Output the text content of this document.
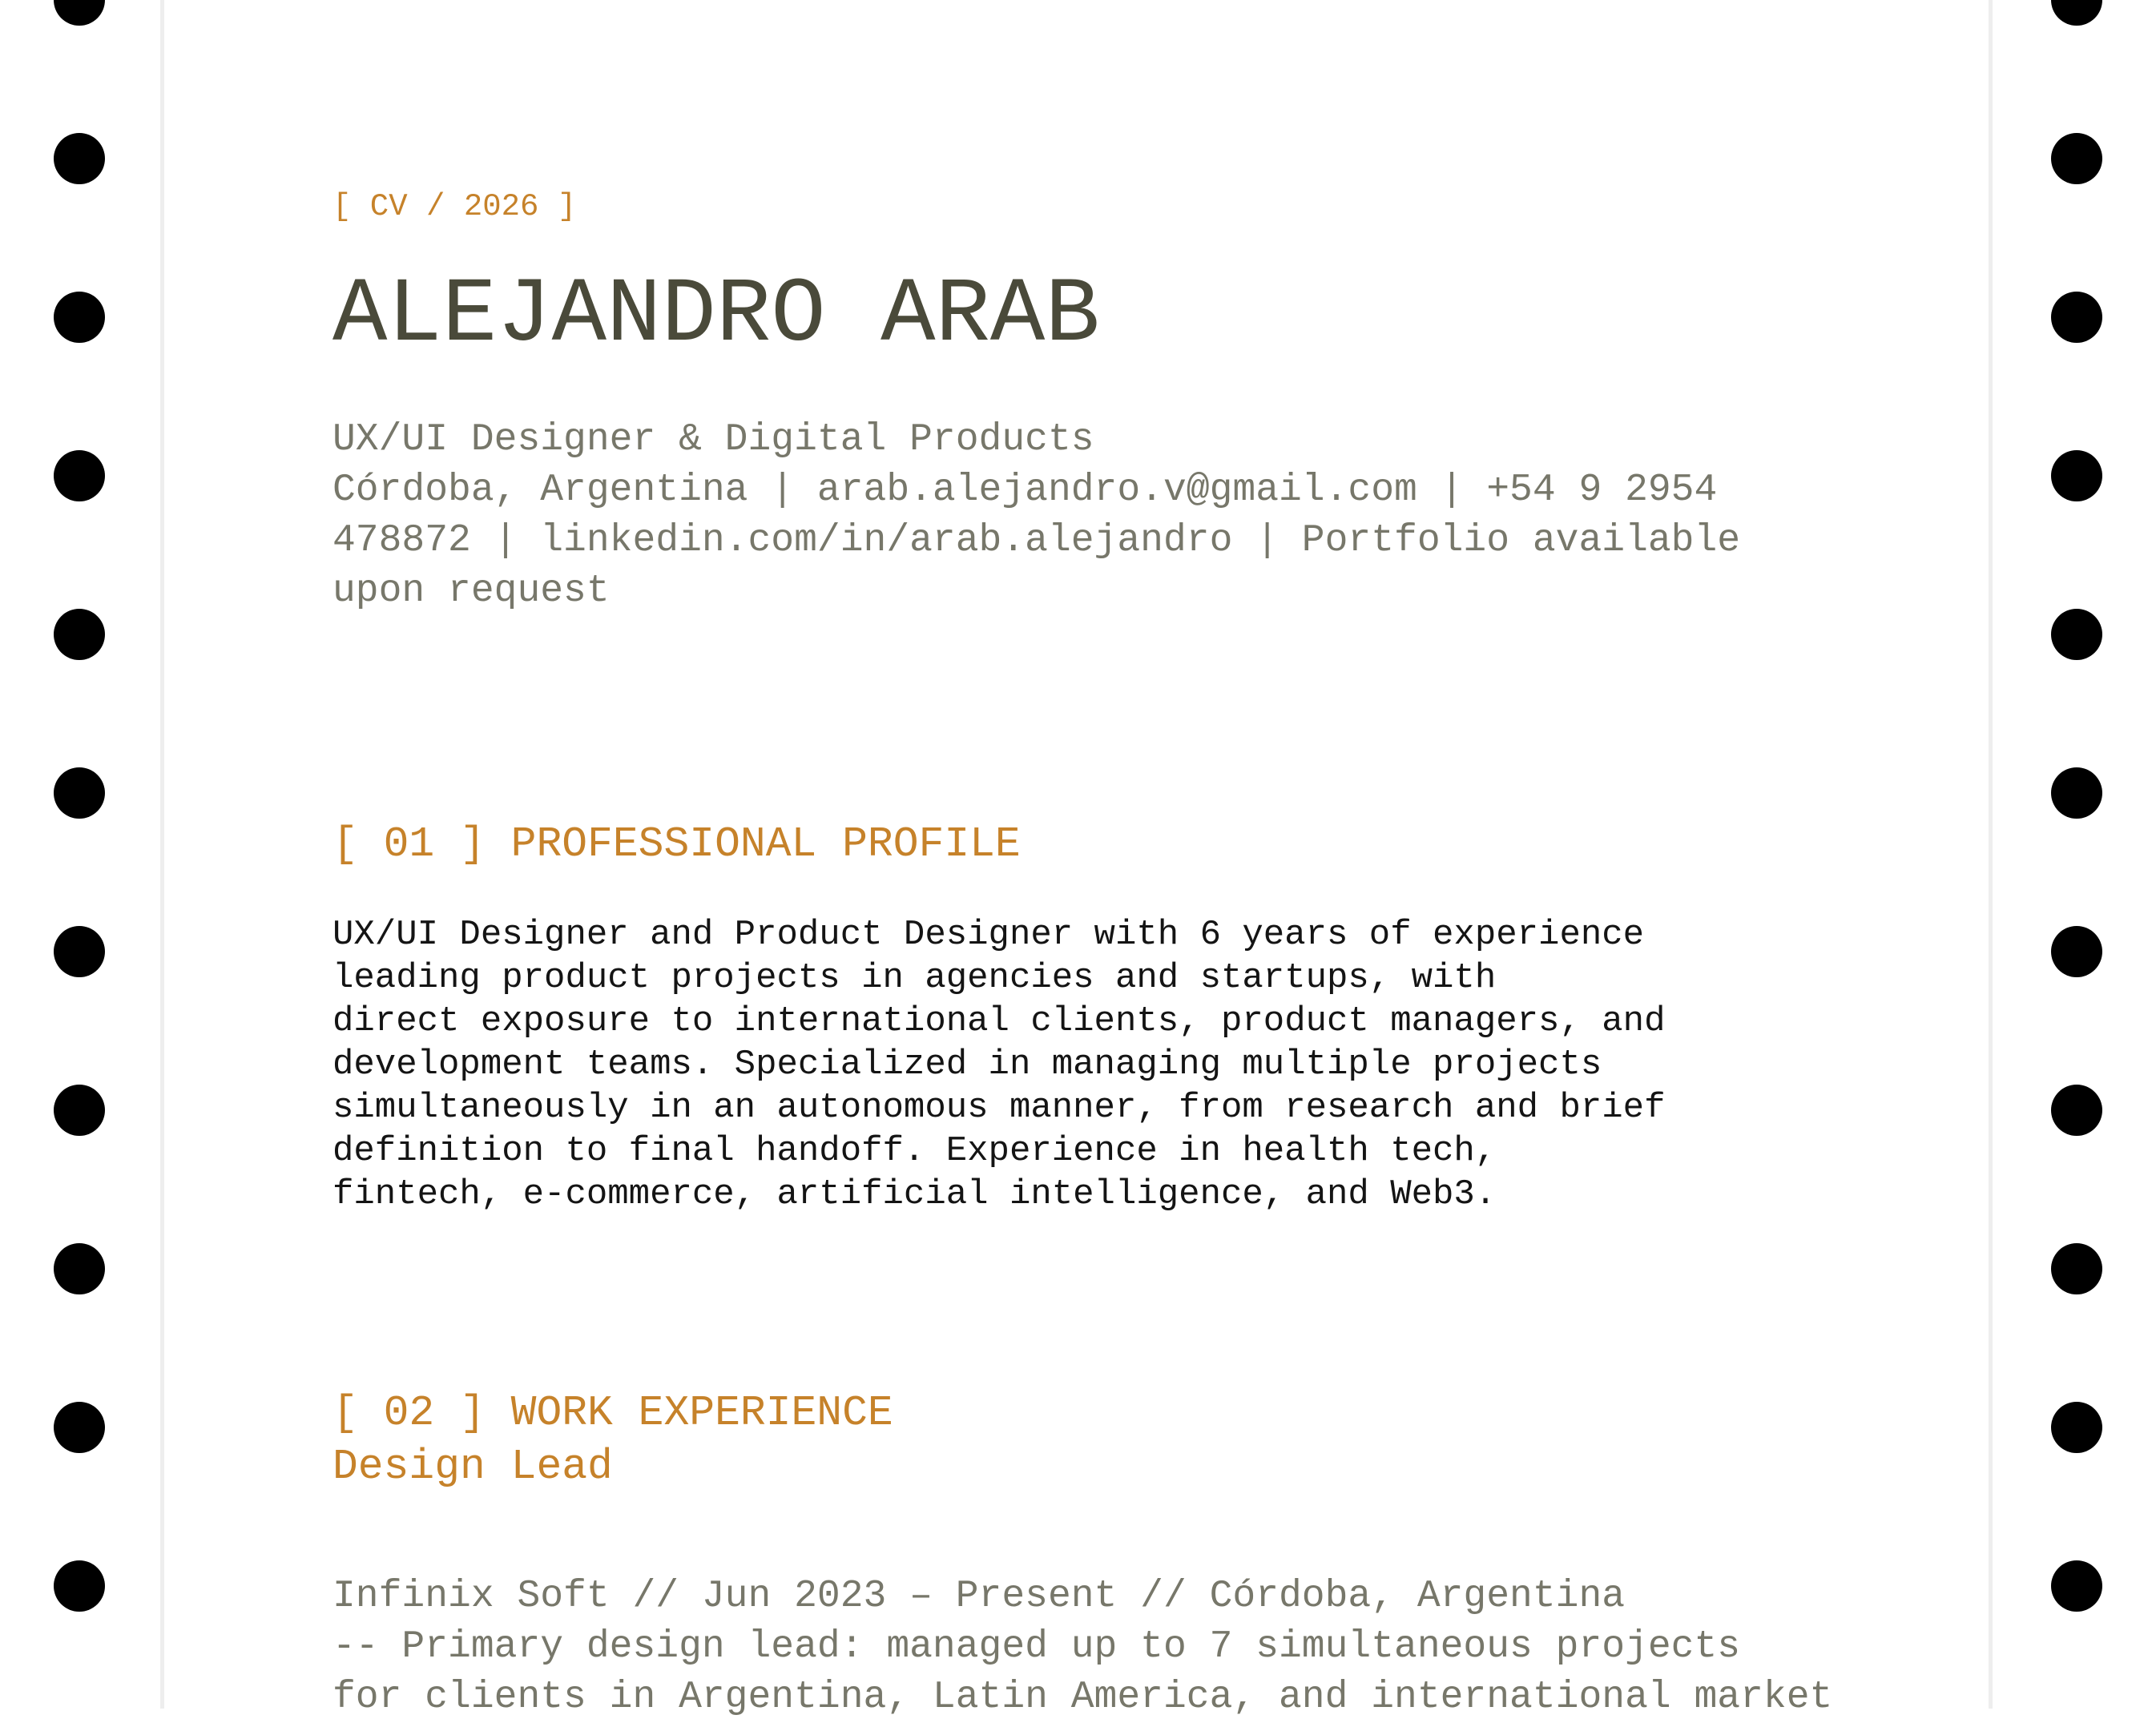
[ CV / 2026 ]
ALEJANDRO ARAB
UX/UI Designer & Digital Products
Córdoba, Argentina | arab.alejandro.v@gmail.com | +54 9 2954 478872 | linkedin.com/in/arab.alejandro | Portfolio available upon request
[ 01 ] PROFESSIONAL PROFILE
UX/UI Designer and Product Designer with 6 years of experience
leading product projects in agencies and startups, with
direct exposure to international clients, product managers, and
development teams. Specialized in managing multiple projects
simultaneously in an autonomous manner, from research and brief
definition to final handoff. Experience in health tech,
fintech, e-commerce, artificial intelligence, and Web3.
[ 02 ] WORK EXPERIENCE
Design Lead
Infinix Soft // Jun 2023 – Present // Córdoba, Argentina
-- Primary design lead: managed up to 7 simultaneous projects
for clients in Argentina, Latin America, and international market
